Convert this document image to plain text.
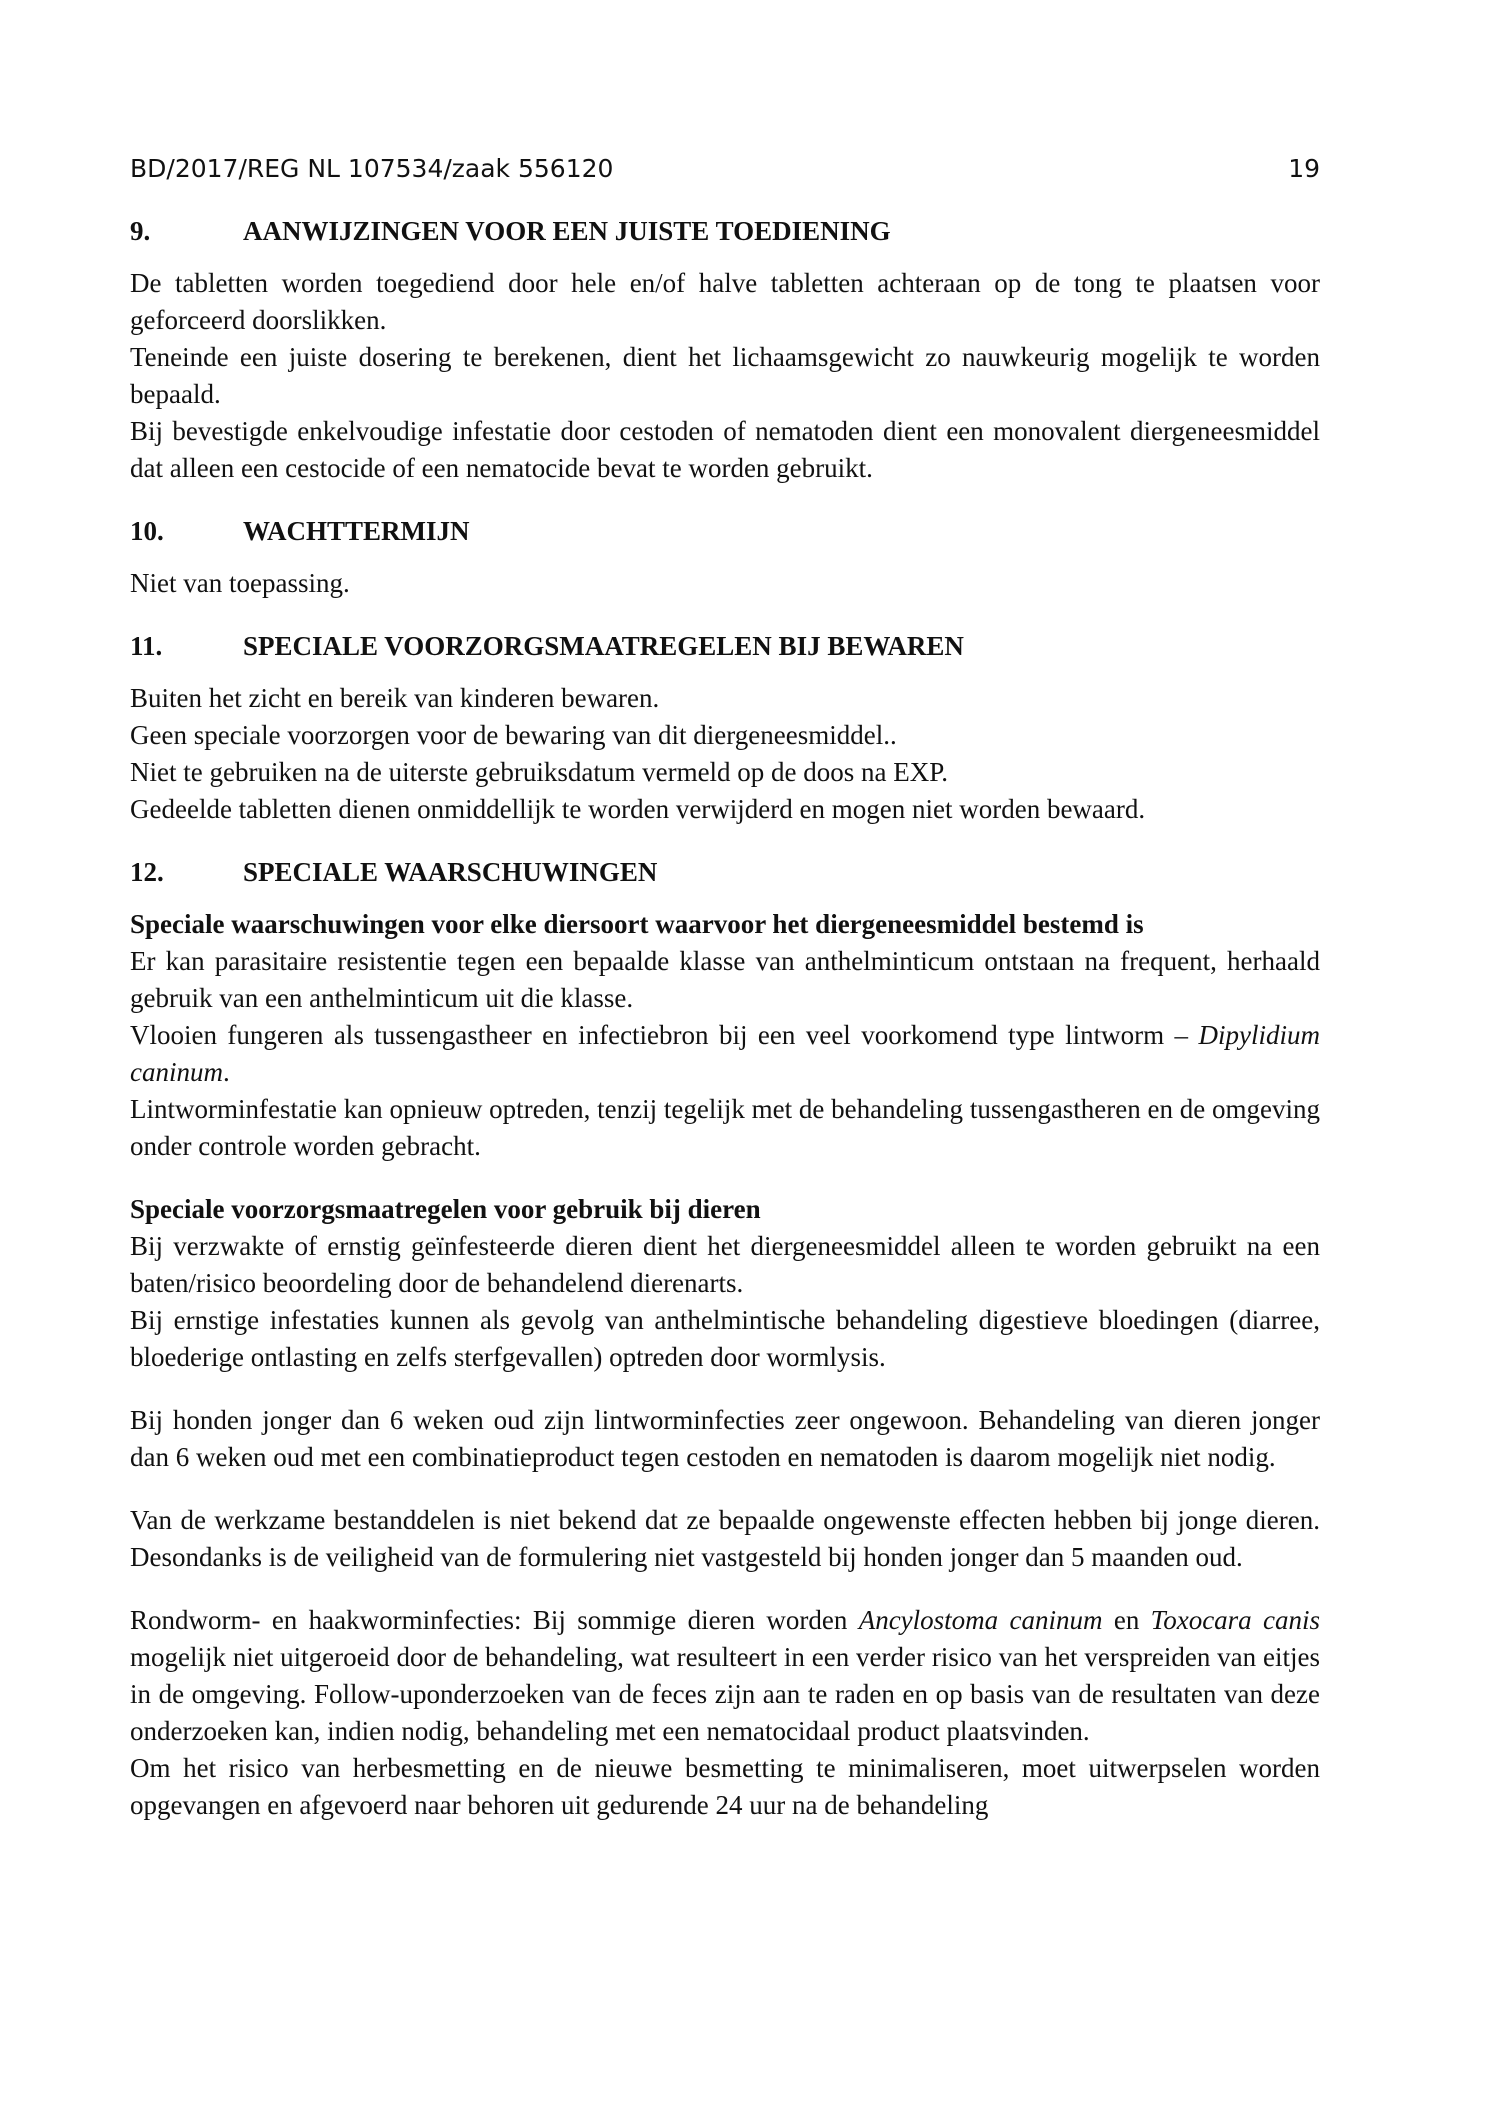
BD/2017/REG NL 107534/zaak 556120	19
9.	AANWIJZINGEN VOOR EEN JUISTE TOEDIENING

De tabletten worden toegediend door hele en/of halve tabletten achteraan op de tong te plaatsen voor geforceerd doorslikken.

Teneinde een juiste dosering te berekenen, dient het lichaamsgewicht zo nauwkeurig mogelijk te worden bepaald.

Bij bevestigde enkelvoudige infestatie door cestoden of nematoden dient een monovalent diergeneesmiddel dat alleen een cestocide of een nematocide bevat te worden gebruikt.

10.	WACHTTERMIJN

Niet van toepassing.

11.	SPECIALE VOORZORGSMAATREGELEN BIJ BEWAREN

Buiten het zicht en bereik van kinderen bewaren.

Geen speciale voorzorgen voor de bewaring van dit diergeneesmiddel..

Niet te gebruiken na de uiterste gebruiksdatum vermeld op de doos na EXP.

Gedeelde tabletten dienen onmiddellijk te worden verwijderd en mogen niet worden bewaard.

12.	SPECIALE WAARSCHUWINGEN

Speciale waarschuwingen voor elke diersoort waarvoor het diergeneesmiddel bestemd is

Er kan parasitaire resistentie tegen een bepaalde klasse van anthelminticum ontstaan na frequent, herhaald gebruik van een anthelminticum uit die klasse.

Vlooien fungeren als tussengastheer en infectiebron bij een veel voorkomend type lintworm – Dipylidium caninum.

Lintworminfestatie kan opnieuw optreden, tenzij tegelijk met de behandeling tussengastheren en de omgeving onder controle worden gebracht.

Speciale voorzorgsmaatregelen voor gebruik bij dieren

Bij verzwakte of ernstig geïnfesteerde dieren dient het diergeneesmiddel alleen te worden gebruikt na een baten/risico beoordeling door de behandelend dierenarts.

Bij ernstige infestaties kunnen als gevolg van anthelmintische behandeling digestieve bloedingen (diarree, bloederige ontlasting en zelfs sterfgevallen) optreden door wormlysis.

Bij honden jonger dan 6 weken oud zijn lintworminfecties zeer ongewoon. Behandeling van dieren jonger dan 6 weken oud met een combinatieproduct tegen cestoden en nematoden is daarom mogelijk niet nodig.

Van de werkzame bestanddelen is niet bekend dat ze bepaalde ongewenste effecten hebben bij jonge dieren. Desondanks is de veiligheid van de formulering niet vastgesteld bij honden jonger dan 5 maanden oud.

Rondworm- en haakworminfecties: Bij sommige dieren worden Ancylostoma caninum en Toxocara canis mogelijk niet uitgeroeid door de behandeling, wat resulteert in een verder risico van het verspreiden van eitjes in de omgeving. Follow-uponderzoeken van de feces zijn aan te raden en op basis van de resultaten van deze onderzoeken kan, indien nodig, behandeling met een nematocidaal product plaatsvinden.

Om het risico van herbesmetting en de nieuwe besmetting te minimaliseren, moet uitwerpselen worden opgevangen en afgevoerd naar behoren uit gedurende 24 uur na de behandeling
